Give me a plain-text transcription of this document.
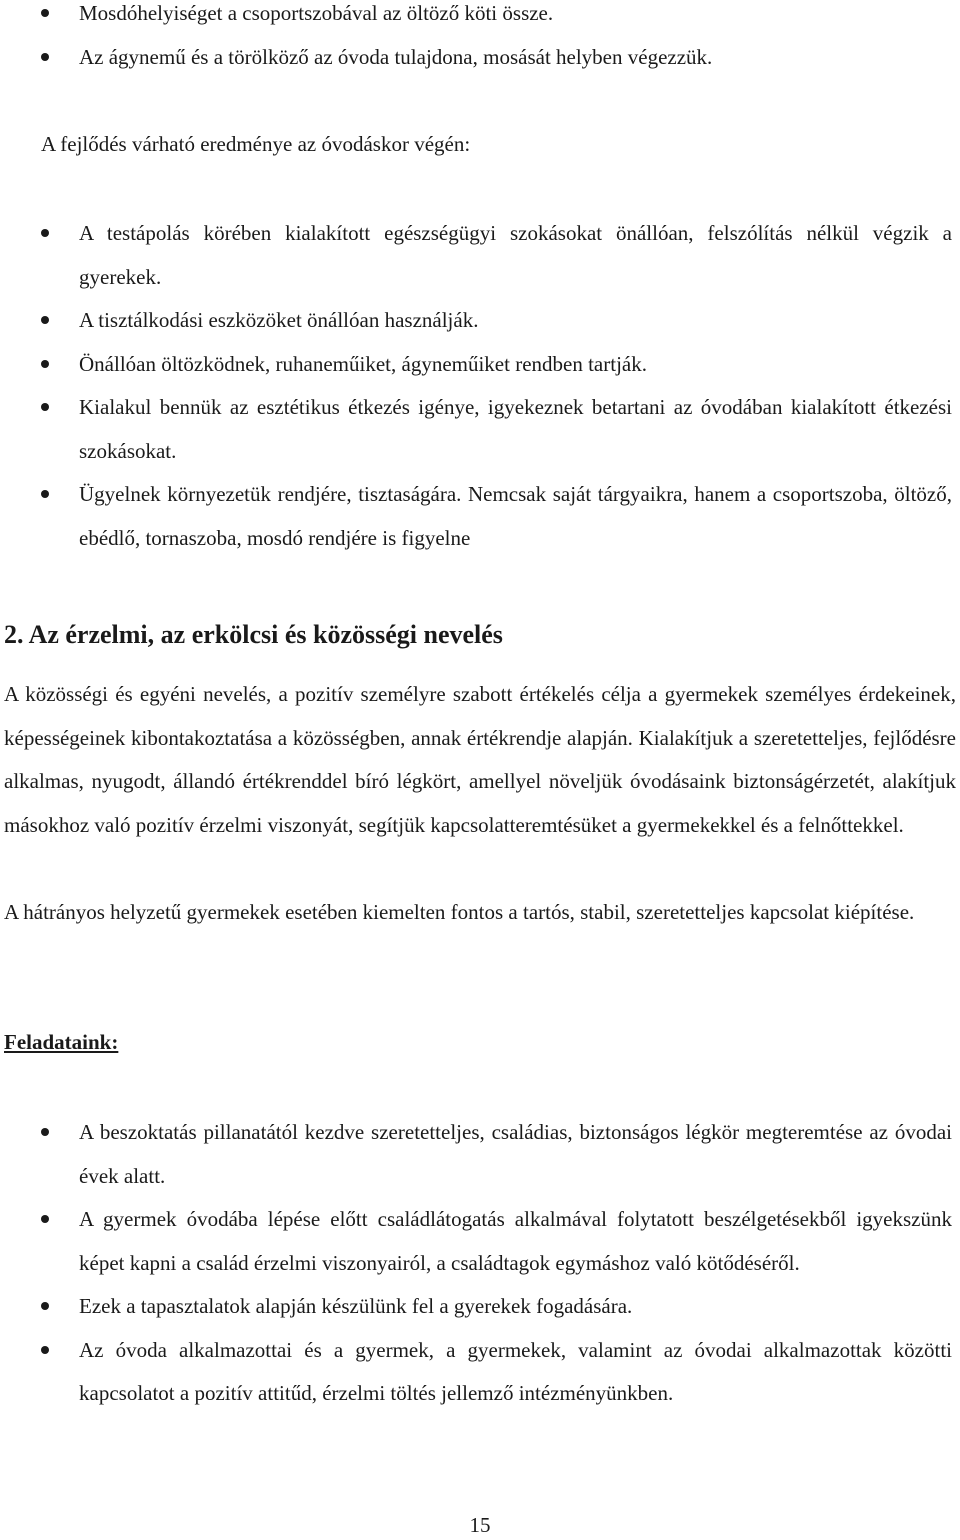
Mosdóhelyiséget a csoportszobával az öltöző köti össze.
Az ágynemű és a törölköző az óvoda tulajdona, mosását helyben végezzük.
A fejlődés várható eredménye az óvodáskor végén:
A testápolás körében kialakított egészségügyi szokásokat önállóan, felszólítás nélkül végzik a gyerekek.
A tisztálkodási eszközöket önállóan használják.
Önállóan öltözködnek, ruhaneműiket, ágyneműiket rendben tartják.
Kialakul bennük az esztétikus étkezés igénye, igyekeznek betartani az óvodában kialakított étkezési szokásokat.
Ügyelnek környezetük rendjére, tisztaságára. Nemcsak saját tárgyaikra, hanem a csoportszoba, öltöző, ebédlő, tornaszoba, mosdó rendjére is figyelne
2. Az érzelmi, az erkölcsi és közösségi nevelés
A közösségi és egyéni nevelés, a pozitív személyre szabott értékelés célja a gyermekek személyes érdekeinek, képességeinek kibontakoztatása a közösségben, annak értékrendje alapján. Kialakítjuk a szeretetteljes, fejlődésre alkalmas, nyugodt, állandó értékrenddel bíró légkört, amellyel növeljük óvodásaink biztonságérzetét, alakítjuk másokhoz való pozitív érzelmi viszonyát, segítjük kapcsolatteremtésüket a gyermekekkel és a felnőttekkel.
A hátrányos helyzetű gyermekek esetében kiemelten fontos a tartós, stabil, szeretetteljes kapcsolat kiépítése.
Feladataink:
A beszoktatás pillanatától kezdve szeretetteljes, családias, biztonságos légkör megteremtése az óvodai évek alatt.
A gyermek óvodába lépése előtt családlátogatás alkalmával folytatott beszélgetésekből igyekszünk képet kapni a család érzelmi viszonyairól, a családtagok egymáshoz való kötődéséről.
Ezek a tapasztalatok alapján készülünk fel a gyerekek fogadására.
Az óvoda alkalmazottai és a gyermek, a gyermekek, valamint az óvodai alkalmazottak közötti kapcsolatot a pozitív attitűd, érzelmi töltés jellemző intézményünkben.
15
